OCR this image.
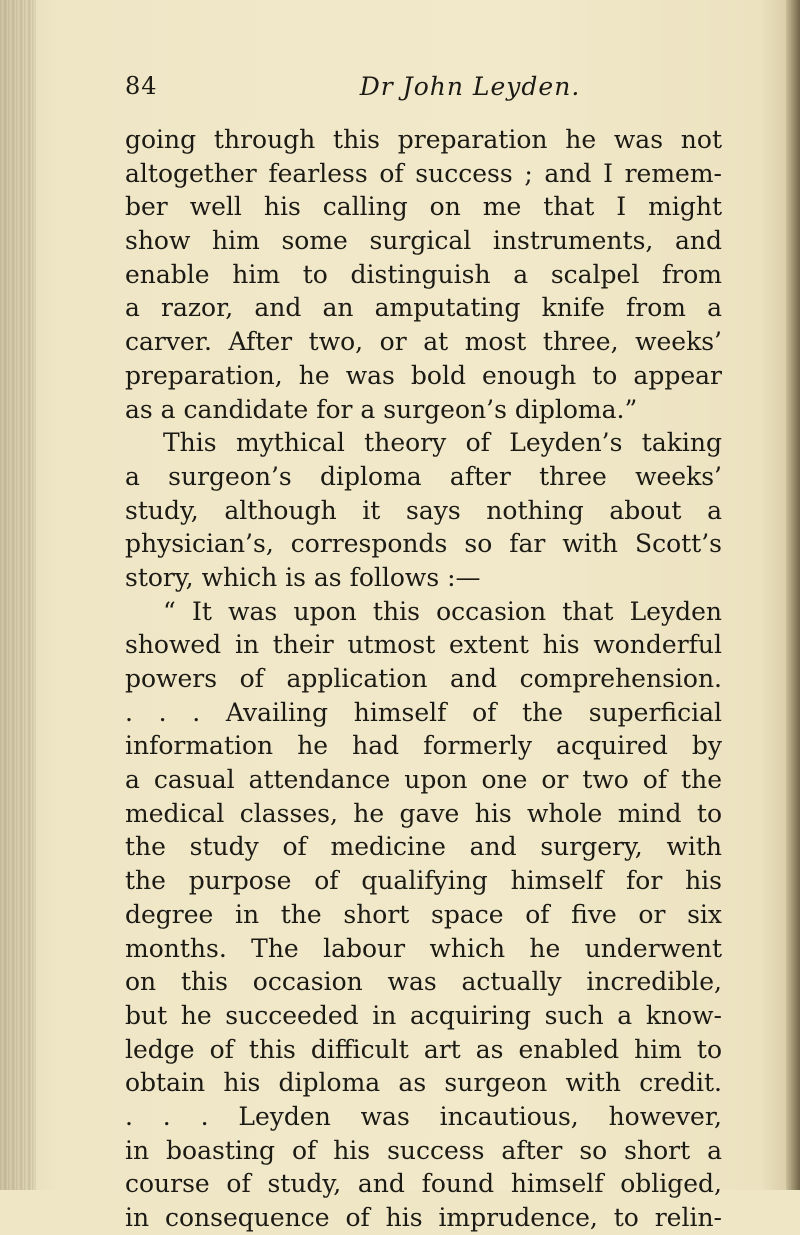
84	Dr John Leyden.
going through this preparation he was not
altogether fearless of success ; and I remem-
ber well his calling on me that I might
show him some surgical instruments, and
enable him to distinguish a scalpel from
a razor, and an amputating knife from a
carver. After two, or at most three, weeks’
preparation, he was bold enough to appear
as a candidate for a surgeon’s diploma.”
This mythical theory of Leyden’s taking
a surgeon’s diploma after three weeks’
study, although it says nothing about a
physician’s, corresponds so far with Scott’s
story, which is as follows :—
“ It was upon this occasion that Leyden
showed in their utmost extent his wonderful
powers of application and comprehension.
. . . Availing himself of the superficial
information he had formerly acquired by
a casual attendance upon one or two of the
medical classes, he gave his whole mind to
the study of medicine and surgery, with
the purpose of qualifying himself for his
degree in the short space of five or six
months. The labour which he underwent
on this occasion was actually incredible,
but he succeeded in acquiring such a know-
ledge of this difficult art as enabled him to
obtain his diploma as surgeon with credit.
. . . Leyden was incautious, however,
in boasting of his success after so short a
course of study, and found himself obliged,
in consequence of his imprudence, to relin-
